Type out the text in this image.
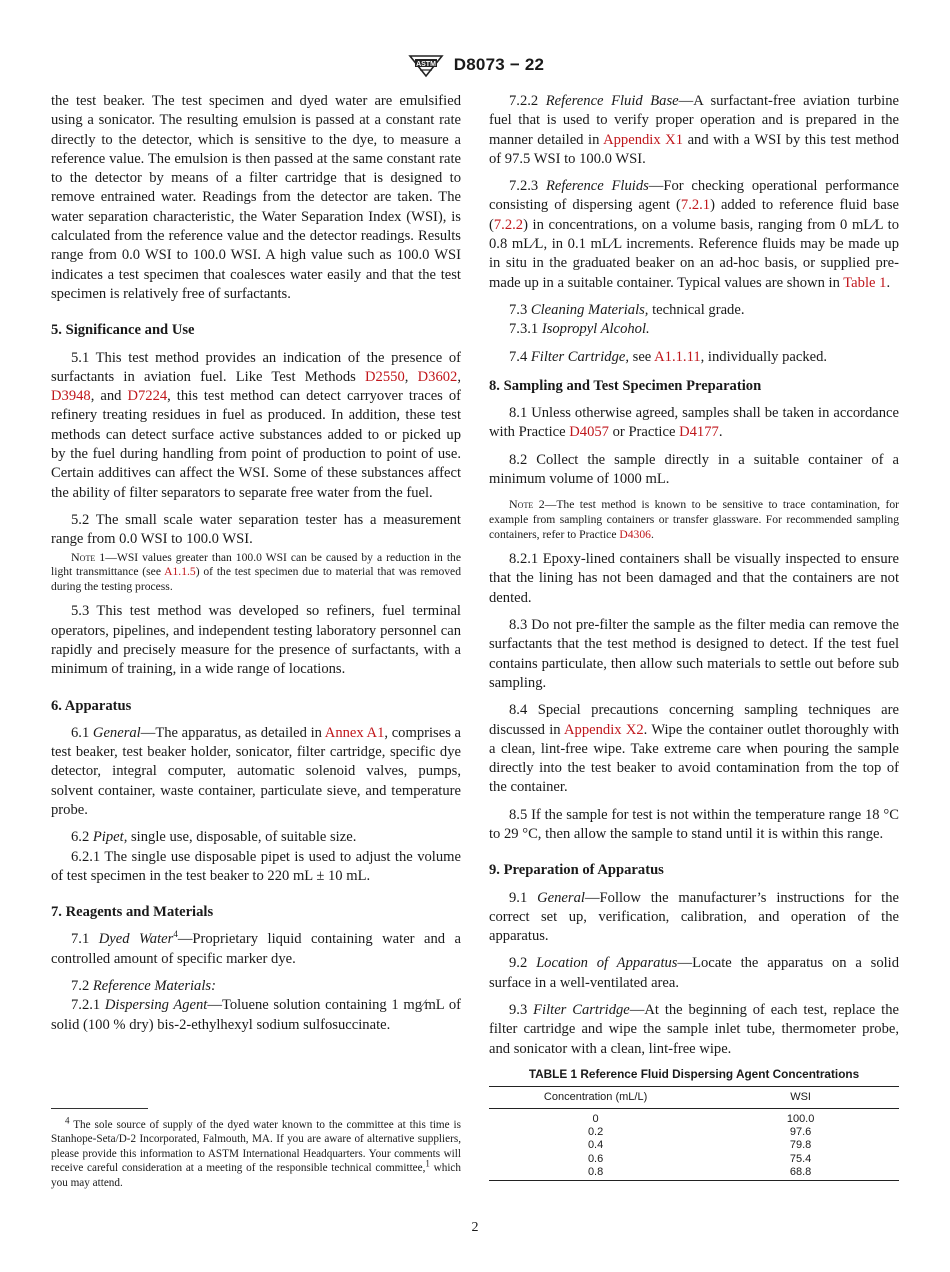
ASTM D8073 − 22

the test beaker. The test specimen and dyed water are emulsified using a sonicator. The resulting emulsion is passed at a constant rate directly to the detector, which is sensitive to the dye, to measure a reference value. The emulsion is then passed at the same constant rate to the detector by means of a filter cartridge that is designed to remove entrained water. Readings from the detector are taken. The water separation characteristic, the Water Separation Index (WSI), is calculated from the reference value and the detector readings. Results range from 0.0 WSI to 100.0 WSI. A high value such as 100.0 WSI indicates a test specimen that coalesces water easily and that the test specimen is relatively free of surfactants.

5. Significance and Use

5.1 This test method provides an indication of the presence of surfactants in aviation fuel. Like Test Methods D2550, D3602, D3948, and D7224, this test method can detect carryover traces of refinery treating residues in fuel as produced. In addition, these test methods can detect surface active substances added to or picked up by the fuel during handling from point of production to point of use. Certain additives can affect the WSI. Some of these substances affect the ability of filter separators to separate free water from the fuel.

5.2 The small scale water separation tester has a measurement range from 0.0 WSI to 100.0 WSI.

Note 1—WSI values greater than 100.0 WSI can be caused by a reduction in the light transmittance (see A1.1.5) of the test specimen due to material that was removed during the testing process.

5.3 This test method was developed so refiners, fuel terminal operators, pipelines, and independent testing laboratory personnel can rapidly and precisely measure for the presence of surfactants, with a minimum of training, in a wide range of locations.

6. Apparatus

6.1 General—The apparatus, as detailed in Annex A1, comprises a test beaker, test beaker holder, sonicator, filter cartridge, specific dye detector, integral computer, automatic solenoid valves, pumps, solvent container, waste container, particulate sieve, and temperature probe.

6.2 Pipet, single use, disposable, of suitable size.

6.2.1 The single use disposable pipet is used to adjust the volume of test specimen in the test beaker to 220 mL ± 10 mL.

7. Reagents and Materials

7.1 Dyed Water$^4$—Proprietary liquid containing water and a controlled amount of specific marker dye.

7.2 Reference Materials:

7.2.1 Dispersing Agent—Toluene solution containing 1 mg⁄mL of solid (100 % dry) bis-2-ethylhexyl sodium sulfosuccinate.

$^4$ The sole source of supply of the dyed water known to the committee at this time is Stanhope-Seta/D-2 Incorporated, Falmouth, MA. If you are aware of alternative suppliers, please provide this information to ASTM International Headquarters. Your comments will receive careful consideration at a meeting of the responsible technical committee,$^1$ which you may attend.

7.2.2 Reference Fluid Base—A surfactant-free aviation turbine fuel that is used to verify proper operation and is prepared in the manner detailed in Appendix X1 and with a WSI by this test method of 97.5 WSI to 100.0 WSI.

7.2.3 Reference Fluids—For checking operational performance consisting of dispersing agent (7.2.1) added to reference fluid base (7.2.2) in concentrations, on a volume basis, ranging from 0 mL⁄L to 0.8 mL⁄L, in 0.1 mL⁄L increments. Reference fluids may be made up in situ in the graduated beaker on an ad-hoc basis, or supplied pre-made up in a suitable container. Typical values are shown in Table 1.

7.3 Cleaning Materials, technical grade.

7.3.1 Isopropyl Alcohol.

7.4 Filter Cartridge, see A1.1.11, individually packed.

8. Sampling and Test Specimen Preparation

8.1 Unless otherwise agreed, samples shall be taken in accordance with Practice D4057 or Practice D4177.

8.2 Collect the sample directly in a suitable container of a minimum volume of 1000 mL.

Note 2—The test method is known to be sensitive to trace contamination, for example from sampling containers or transfer glassware. For recommended sampling containers, refer to Practice D4306.

8.2.1 Epoxy-lined containers shall be visually inspected to ensure that the lining has not been damaged and that the containers are not dented.

8.3 Do not pre-filter the sample as the filter media can remove the surfactants that the test method is designed to detect. If the test fuel contains particulate, then allow such materials to settle out before sub sampling.

8.4 Special precautions concerning sampling techniques are discussed in Appendix X2. Wipe the container outlet thoroughly with a clean, lint-free wipe. Take extreme care when pouring the sample directly into the test beaker to avoid contamination from the top of the container.

8.5 If the sample for test is not within the temperature range 18 °C to 29 °C, then allow the sample to stand until it is within this range.

9. Preparation of Apparatus

9.1 General—Follow the manufacturer’s instructions for the correct set up, verification, calibration, and operation of the apparatus.

9.2 Location of Apparatus—Locate the apparatus on a solid surface in a well-ventilated area.

9.3 Filter Cartridge—At the beginning of each test, replace the filter cartridge and wipe the sample inlet tube, thermometer probe, and sonicator with a clean, lint-free wipe.

TABLE 1 Reference Fluid Dispersing Agent Concentrations
Concentration (mL/L)	WSI
0	100.0
0.2	97.6
0.4	79.8
0.6	75.4
0.8	68.8
2
